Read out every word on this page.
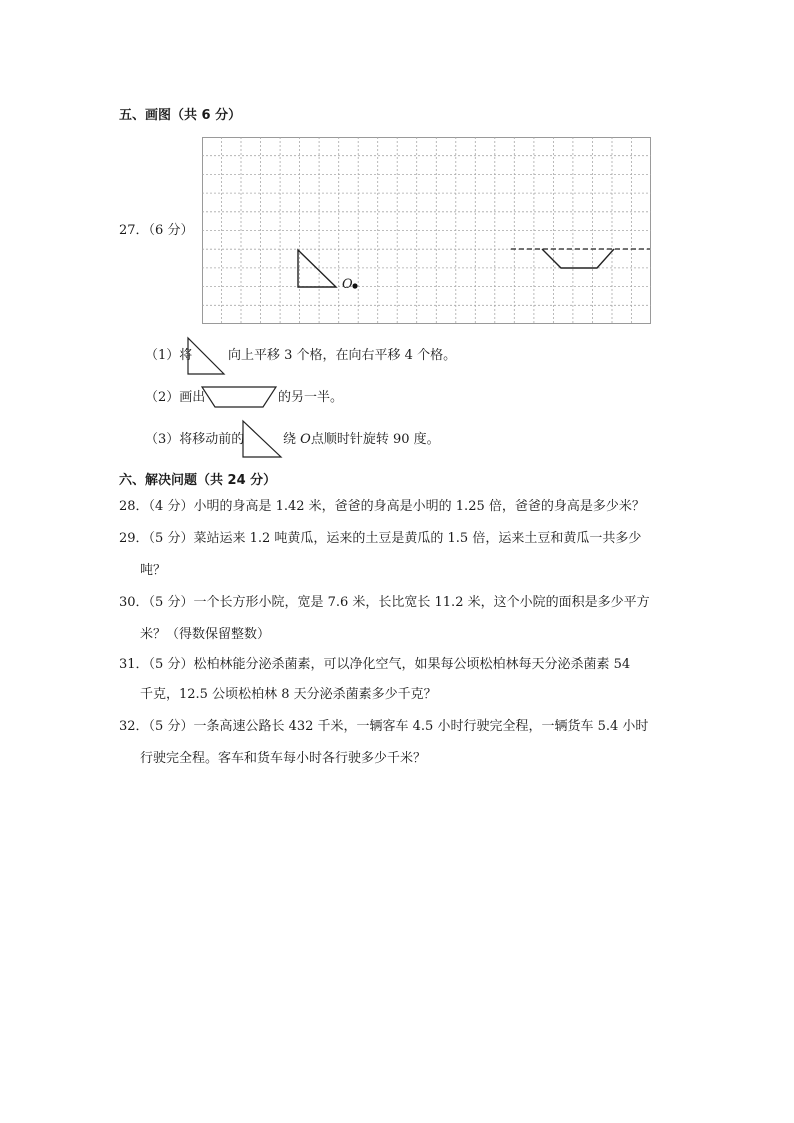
五、画图（共 6 分）
27．（6 分）
O
（1）将	向上平移 3 个格，在向右平移 4 个格。
（2）画出	的另一半。
（3）将移动前的	绕 O点顺时针旋转 90 度。
六、解决问题（共 24 分）
28．（4 分）小明的身高是 1.42 米，爸爸的身高是小明的 1.25 倍，爸爸的身高是多少米？
29．（5 分）菜站运来 1.2 吨黄瓜，运来的土豆是黄瓜的 1.5 倍，运来土豆和黄瓜一共多少
吨？
30．（5 分）一个长方形小院，宽是 7.6 米，长比宽长 11.2 米，这个小院的面积是多少平方
米？（得数保留整数）
31．（5 分）松柏林能分泌杀菌素，可以净化空气，如果每公顷松柏林每天分泌杀菌素 54
千克，12.5 公顷松柏林 8 天分泌杀菌素多少千克？
32．（5 分）一条高速公路长 432 千米，一辆客车 4.5 小时行驶完全程，一辆货车 5.4 小时
行驶完全程。客车和货车每小时各行驶多少千米？
